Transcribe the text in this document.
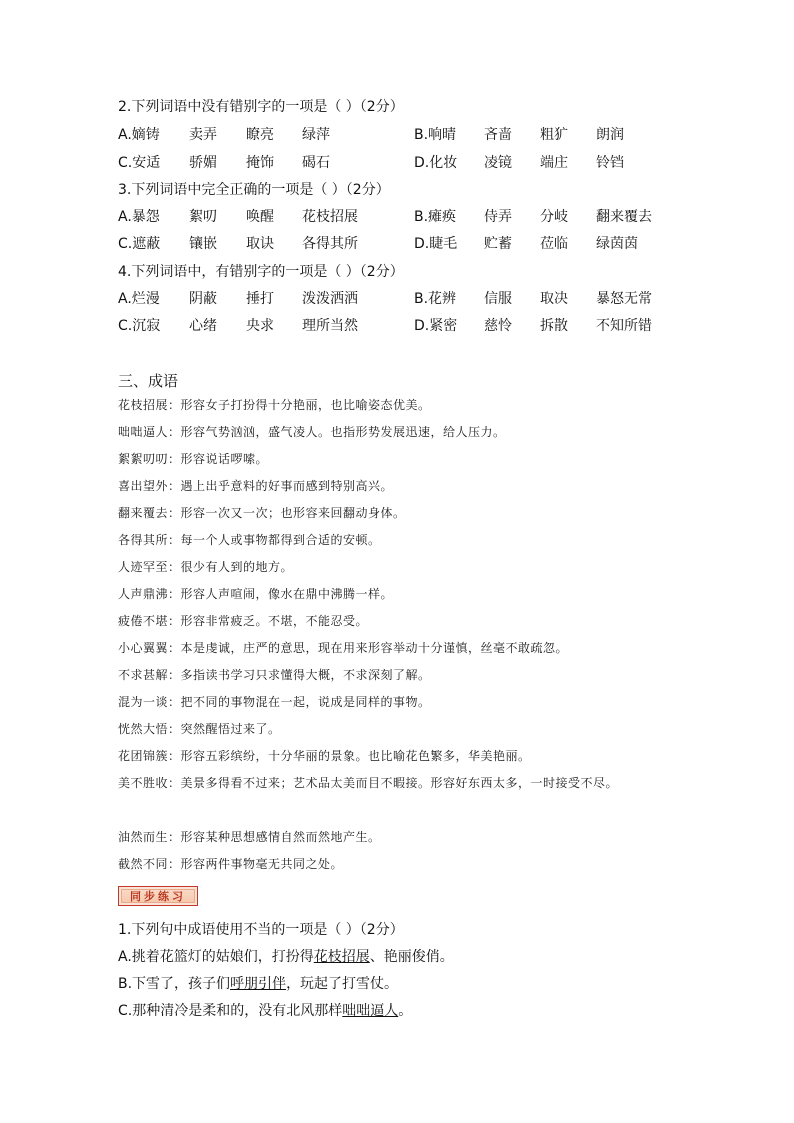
2.下列词语中没有错别字的一项是（ ）（2分）
A.嫡铸 卖弄 瞭亮 绿萍	B.响晴 吝啬 粗犷 朗润
C.安适 骄媚 掩饰 碣石	D.化妆 凌镜 端庄 铃铛
3.下列词语中完全正确的一项是（ ）（2分）
A.暴怨 絮叨 唤醒 花枝招展	B.瘫痪 侍弄 分岐 翻来覆去
C.遮蔽 镶嵌 取诀 各得其所	D.睫毛 贮蓄 莅临 绿茵茵
4.下列词语中，有错别字的一项是（ ）（2分）
A.烂漫 阴蔽 捶打 泼泼洒洒	B.花辨 信服 取决 暴怒无常
C.沉寂 心绪 央求 理所当然	D.紧密 慈怜 拆散 不知所错
三、成语
花枝招展：形容女子打扮得十分艳丽，也比喻姿态优美。
咄咄逼人：形容气势汹汹，盛气凌人。也指形势发展迅速，给人压力。
絮絮叨叨：形容说话啰嗦。
喜出望外：遇上出乎意料的好事而感到特别高兴。
翻来覆去：形容一次又一次；也形容来回翻动身体。
各得其所：每一个人或事物都得到合适的安顿。
人迹罕至：很少有人到的地方。
人声鼎沸：形容人声喧闹，像水在鼎中沸腾一样。
疲倦不堪：形容非常疲乏。不堪，不能忍受。
小心翼翼：本是虔诚，庄严的意思，现在用来形容举动十分谨慎，丝毫不敢疏忽。
不求甚解：多指读书学习只求懂得大概，不求深刻了解。
混为一谈：把不同的事物混在一起，说成是同样的事物。
恍然大悟：突然醒悟过来了。
花团锦簇：形容五彩缤纷，十分华丽的景象。也比喻花色繁多，华美艳丽。
美不胜收：美景多得看不过来；艺术品太美而目不暇接。形容好东西太多，一时接受不尽。
油然而生：形容某种思想感情自然而然地产生。
截然不同：形容两件事物毫无共同之处。
同步练习
1.下列句中成语使用不当的一项是（ ）（2分）
A.挑着花篮灯的姑娘们，打扮得花枝招展、艳丽俊俏。
B.下雪了，孩子们呼朋引伴，玩起了打雪仗。
C.那种清冷是柔和的，没有北风那样咄咄逼人。
